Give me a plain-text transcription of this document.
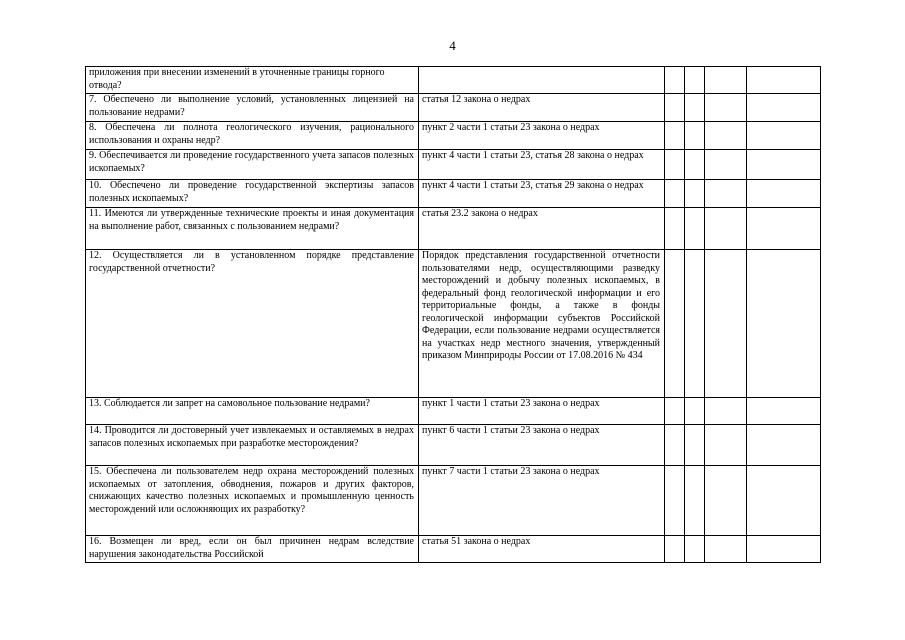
4
приложения при внесении изменений в уточненные границы горного отвода?					
7. Обеспечено ли выполнение условий, установленных лицензией на пользование недрами?	статья 12 закона о недрах				
8. Обеспечена ли полнота геологического изучения, рационального использования и охраны недр?	пункт 2 части 1 статьи 23 закона о недрах				
9. Обеспечивается ли проведение государственного учета запасов полезных ископаемых?	пункт 4 части 1 статьи 23, статья 28 закона о недрах				
10. Обеспечено ли проведение государственной экспертизы запасов полезных ископаемых?	пункт 4 части 1 статьи 23, статья 29 закона о недрах				
11. Имеются ли утвержденные технические проекты и иная документация на выполнение работ, связанных с пользованием недрами?	статья 23.2 закона о недрах				
12. Осуществляется ли в установленном порядке представление государственной отчетности?	Порядок представления государственной отчетности пользователями недр, осуществляющими разведку месторождений и добычу полезных ископаемых, в федеральный фонд геологической информации и его территориальные фонды, а также в фонды геологической информации субъектов Российской Федерации, если пользование недрами осуществляется на участках недр местного значения, утвержденный приказом Минприроды России от 17.08.2016 № 434				
13. Соблюдается ли запрет на самовольное пользование недрами?	пункт 1 части 1 статьи 23 закона о недрах				
14. Проводится ли достоверный учет извлекаемых и оставляемых в недрах запасов полезных ископаемых при разработке месторождения?	пункт 6 части 1 статьи 23 закона о недрах				
15. Обеспечена ли пользователем недр охрана месторождений полезных ископаемых от затопления, обводнения, пожаров и других факторов, снижающих качество полезных ископаемых и промышленную ценность месторождений или осложняющих их разработку?	пункт 7 части 1 статьи 23 закона о недрах				
16. Возмещен ли вред, если он был причинен недрам вследствие нарушения законодательства Российской	статья 51 закона о недрах				
